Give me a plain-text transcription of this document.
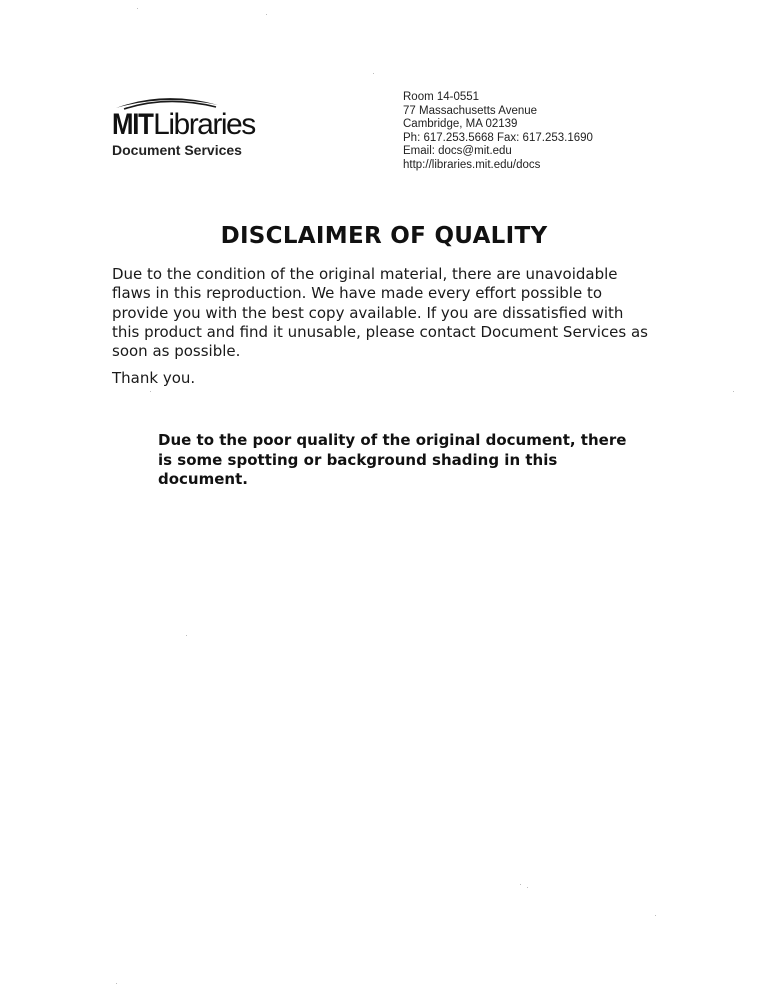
MITLibraries
Document Services
Room 14-0551
77 Massachusetts Avenue
Cambridge, MA 02139
Ph: 617.253.5668 Fax: 617.253.1690
Email: docs@mit.edu
http://libraries.mit.edu/docs
DISCLAIMER OF QUALITY

Due to the condition of the original material, there are unavoidable flaws in this reproduction. We have made every effort possible to provide you with the best copy available. If you are dissatisfied with this product and find it unusable, please contact Document Services as soon as possible.

Thank you.

Due to the poor quality of the original document, there is some spotting or background shading in this document.
